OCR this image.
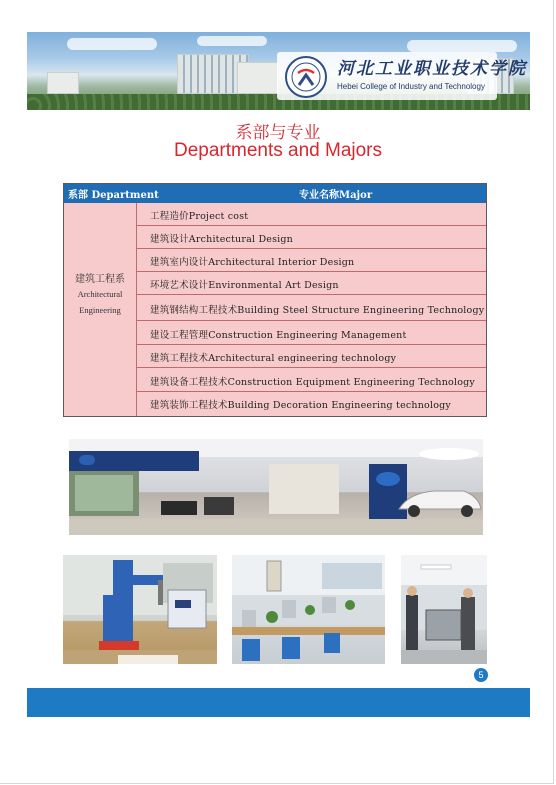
河北工业职业技术学院
Hebei College of Industry and Technology
系部与专业
Departments and Majors
系部 Department	专业名称Major
建筑工程系
Architectural
Engineering
工程造价Project cost
建筑设计Architectural Design
建筑室内设计Architectural Interior Design
环境艺术设计Environmental Art Design
建筑钢结构工程技术Building Steel Structure Engineering Technology
建设工程管理Construction Engineering Management
建筑工程技术Architectural engineering technology
建筑设备工程技术Construction Equipment Engineering Technology
建筑装饰工程技术Building Decoration Engineering technology
5
